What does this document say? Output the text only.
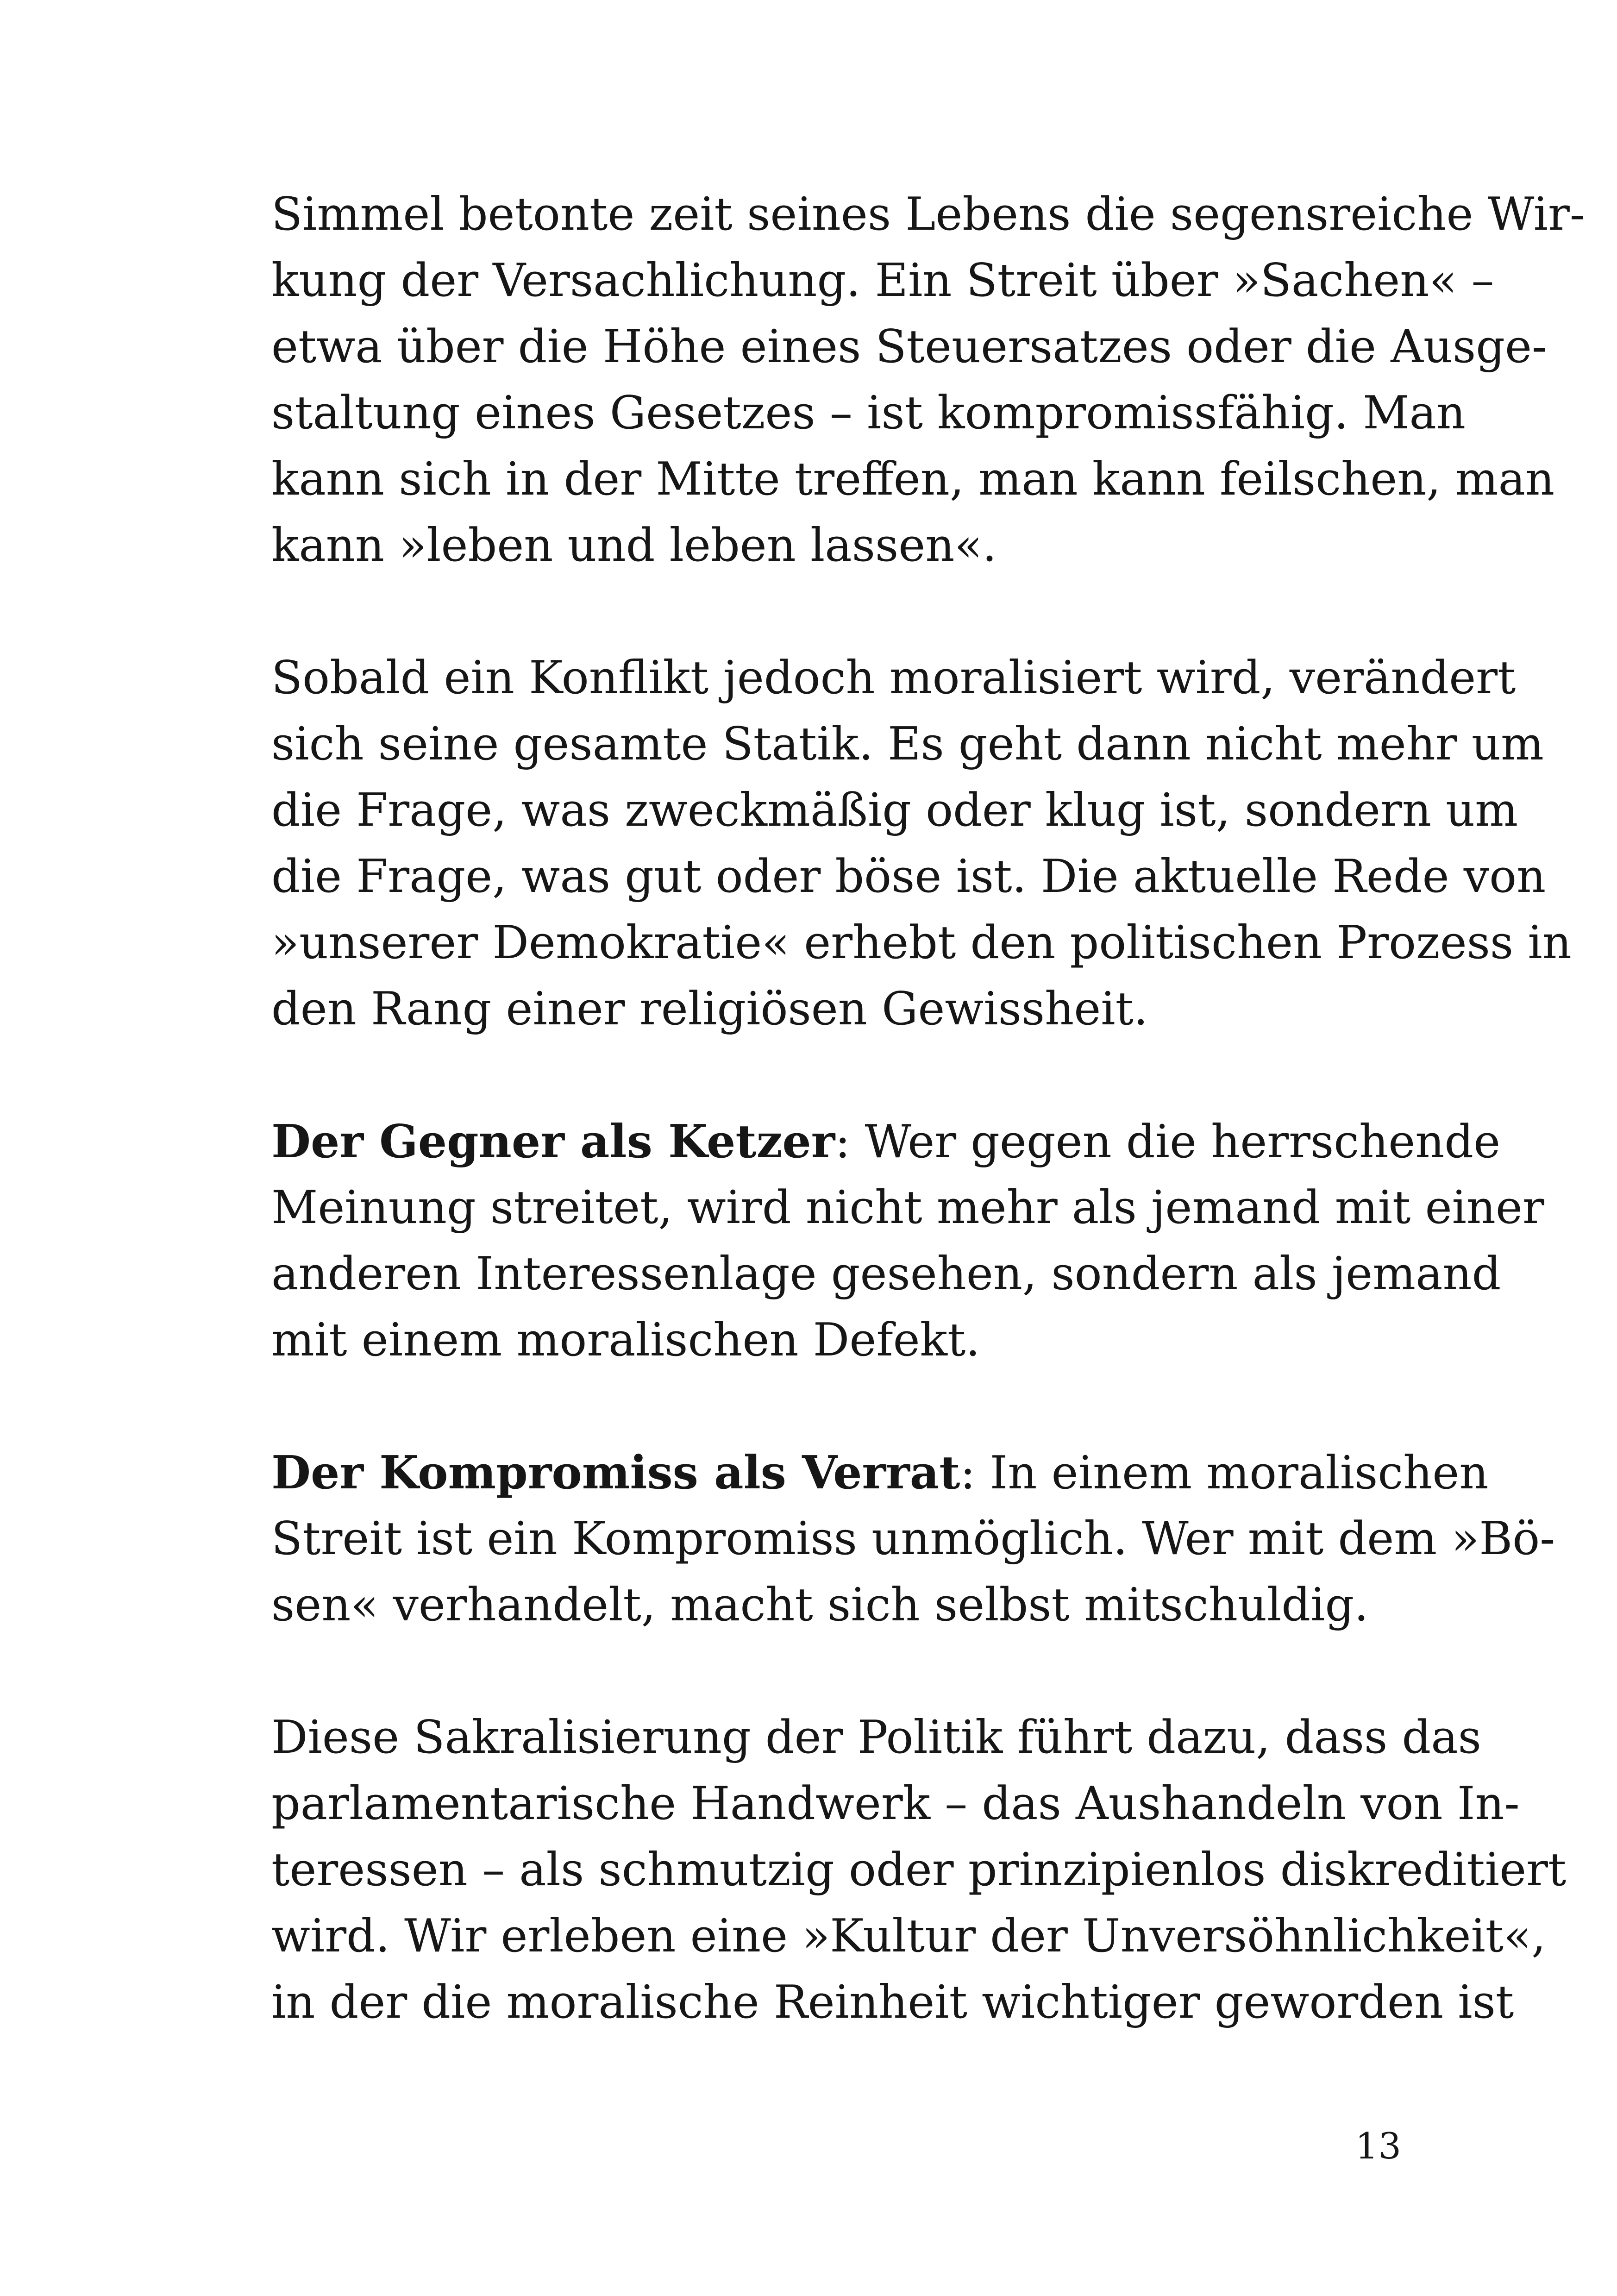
Simmel betonte zeit seines Lebens die segensreiche Wir-
kung der Versachlichung. Ein Streit über »Sachen« –
etwa über die Höhe eines Steuersatzes oder die Ausge-
staltung eines Gesetzes – ist kompromissfähig. Man
kann sich in der Mitte treffen, man kann feilschen, man
kann »leben und leben lassen«.
Sobald ein Konflikt jedoch moralisiert wird, verändert
sich seine gesamte Statik. Es geht dann nicht mehr um
die Frage, was zweckmäßig oder klug ist, sondern um
die Frage, was gut oder böse ist. Die aktuelle Rede von
»unserer Demokratie« erhebt den politischen Prozess in
den Rang einer religiösen Gewissheit.
Der Gegner als Ketzer: Wer gegen die herrschende
Meinung streitet, wird nicht mehr als jemand mit einer
anderen Interessenlage gesehen, sondern als jemand
mit einem moralischen Defekt.
Der Kompromiss als Verrat: In einem moralischen
Streit ist ein Kompromiss unmöglich. Wer mit dem »Bö-
sen« verhandelt, macht sich selbst mitschuldig.
Diese Sakralisierung der Politik führt dazu, dass das
parlamentarische Handwerk – das Aushandeln von In-
teressen – als schmutzig oder prinzipienlos diskreditiert
wird. Wir erleben eine »Kultur der Unversöhnlichkeit«,
in der die moralische Reinheit wichtiger geworden ist
13
